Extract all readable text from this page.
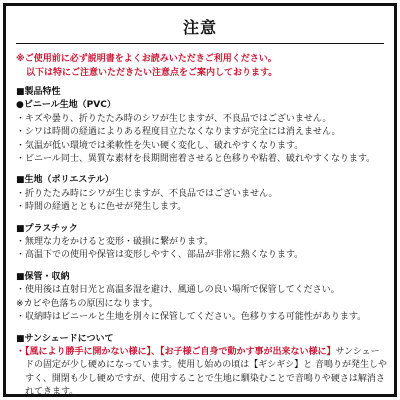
注意
※ご使用前に必ず説明書をよくお読みいただきご利用ください。
以下は特にご注意いただきたい注意点をご案内しております。
■製品特性
●ビニール生地（PVC）
・キズや曇り、折りたたみ時のシワが生じますが、不良品ではございません。
・シワは時間の経過によりある程度目立たなくなりますが完全には消えません。
・気温が低い環境では柔軟性を失い硬く変化し、破れやすくなります。
・ビニール同士、異質な素材を長期間密着させると色移りや粘着、破れやすくなります。
■生地（ポリエステル）
・折りたたみ時にシワが生じますが、不良品ではございません。
・時間の経過とともに色せが発生します。
■プラスチック
・無理な力をかけると変形・破損に繋がります。
・高温下での使用や保管は変形しやすく、部品が非常に熱くなります。
■保管・収納
・使用後は直射日光と高温多湿を避け、風通しの良い場所で保管してください。
※カビや色落ちの原因になります。
・収納時はビニールと生地を別々に保管してください。色移りする可能性があります。
■サンシェードについて
・【風により勝手に開かない様に】、【お子様ご自身で動かす事が出来ない様に】サンシェードの固定が少し硬めになっています。使用し始めの頃は【ギシギシ】と 音鳴りが発生しやすく、開閉も少し硬めですが、使用することで生地に馴染むことで音鳴りや硬さは解消されてきます。
